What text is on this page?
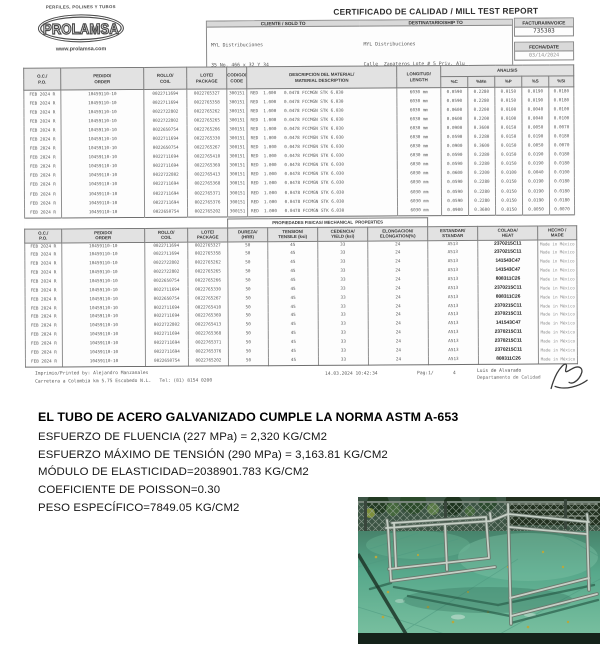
PERFILES, POLINES Y TUBOS
PROLAMSA
www.prolamsa.com
CERTIFICADO DE CALIDAD / MILL TEST REPORT
CLIENTE / SOLD TO

MYL Distribuciones

DESTINATARIO/SHIP TO

MYL Distribuciones

FACTURA/INVOICE
735303
FECHA/DATE
03/14/2024
O.C./
P.O.	PEDIDO/
ORDER	ROLLO/
COIL	LOTE/
PACKAGE	CODIGO/
CODE	DESCRIPCION DEL MATERIAL/
MATERIAL DESCRIPTION	LONGITUD/
LENGTH	ANALISIS				
							%C	%Mn	%P	%S	%Si
FEB 2024 R	10459110-10	0022711694	0022765327	300151	RED  1.000   0.0478 FCCMGN STK 6.030	6030 mm	0.0590	0.2280	0.0150	0.0190	0.0180
FEB 2024 R	10459110-10	0022711694	0022765358	300151	RED  1.000   0.0478 FCCMGN STK 6.030	6030 mm	0.0590	0.2280	0.0150	0.0190	0.0180
FEB 2024 R	10459110-10	0022722802	0022765262	300151	RED  1.000   0.0478 FCCMGN STK 6.030	6030 mm	0.0600	0.2200	0.0100	0.0040	0.0100
FEB 2024 R	10459110-10	0022722802	0022765265	300151	RED  1.000   0.0478 FCCMGN STK 6.030	6030 mm	0.0600	0.2200	0.0100	0.0040	0.0100
FEB 2024 R	10459110-10	0022650754	0022765266	300151	RED  1.000   0.0478 FCCMGN STK 6.030	6030 mm	0.0900	0.3600	0.0150	0.0050	0.0070
FEB 2024 R	10459110-10	0022711694	0022765330	300151	RED  1.000   0.0478 FCCMGN STK 6.030	6030 mm	0.0590	0.2280	0.0150	0.0190	0.0180
FEB 2024 R	10459110-10	0022650754	0022765267	300151	RED  1.000   0.0478 FCCMGN STK 6.030	6030 mm	0.0900	0.3600	0.0150	0.0050	0.0070
FEB 2024 R	10459110-10	0022711694	0022765410	300151	RED  1.000   0.0478 FCCMGN STK 6.030	6030 mm	0.0590	0.2280	0.0150	0.0190	0.0180
FEB 2024 R	10459110-10	0022711694	0022765369	300151	RED  1.000   0.0478 FCCMGN STK 6.030	6030 mm	0.0590	0.2280	0.0150	0.0190	0.0180
FEB 2024 R	10459110-10	0022722802	0022765413	300151	RED  1.000   0.0478 FCCMGN STK 6.030	6030 mm	0.0600	0.2200	0.0100	0.0040	0.0100
FEB 2024 R	10459110-10	0022711694	0022765368	300151	RED  1.000   0.0478 FCCMGN STK 6.030	6030 mm	0.0590	0.2280	0.0150	0.0190	0.0180
FEB 2024 R	10459110-10	0022711694	0022765371	300151	RED  1.000   0.0478 FCCMGN STK 6.030	6030 mm	0.0590	0.2280	0.0150	0.0190	0.0180
FEB 2024 R	10459110-10	0022711694	0022765376	300151	RED  1.000   0.0478 FCCMGN STK 6.030	6030 mm	0.0590	0.2280	0.0150	0.0190	0.0180
FEB 2024 R	10459110-10	0022650754	0022765202	300151	RED  1.000   0.0478 FCCMGN STK 6.030	6030 mm	0.0900	0.3600	0.0150	0.0050	0.0070
				PROPIEDADES FISICAS/ MECHANICAL  PROPERTIES						
O.C./
P.O.	PEDIDO/
ORDER	ROLLO/
COIL	LOTE/
PACKAGE	DUREZA/
(HRB)	TENSION/
TENSILE (ksi)	CEDENCIA/
YIELD (ksi)	ELONGACION/
ELONGATION(%)	ESTANDAR/
STANDAR	COLADA/
HEAT	HECHO /
MADE
FEB 2024 R	10459110-10	0022711694	0022765327	50	45	33	24	A513	2370215C11	Made in México
FEB 2024 R	10459110-10	0022711694	0022765358	50	45	33	24	A513	2370215C11	Made in México
FEB 2024 R	10459110-10	0022722802	0022765262	50	45	33	24	A513	141543C47	Made in México
FEB 2024 R	10459110-10	0022722802	0022765265	50	45	33	24	A513	141543C47	Made in México
FEB 2024 R	10459110-10	0022650754	0022765266	50	45	33	24	A513	808311C26	Made in México
FEB 2024 R	10459110-10	0022711694	0022765330	50	45	33	24	A513	2370215C11	Made in México
FEB 2024 R	10459110-10	0022650754	0022765267	50	45	33	24	A513	808311C26	Made in México
FEB 2024 R	10459110-10	0022711694	0022765410	50	45	33	24	A513	2370215C11	Made in México
FEB 2024 R	10459110-10	0022711694	0022765369	50	45	33	24	A513	2370215C11	Made in México
FEB 2024 R	10459110-10	0022722802	0022765413	50	45	33	24	A513	141543C47	Made in México
FEB 2024 R	10459110-10	0022711694	0022765368	50	45	33	24	A513	2370215C11	Made in México
FEB 2024 R	10459110-10	0022711694	0022765371	50	45	33	24	A513	2370215C11	Made in México
FEB 2024 R	10459110-10	0022711694	0022765376	50	45	33	24	A513	2370215C11	Made in México
FEB 2024 R	10459110-10	0022650754	0022765202	50	45	33	24	A513	808311C26	Made in México
Imprimio/Printed by: Alejandro Manzanales
Carretera a Colombia km 5.75 Escobedo N.L.   Tel: (81) 8154 0200
14.03.2024 10:42:34	Pag:1/	4	Luis de Alvarado
Departamento de Calidad
EL TUBO DE ACERO GALVANIZADO CUMPLE LA NORMA ASTM A-653
ESFUERZO DE FLUENCIA (227 MPa) = 2,320 KG/CM2
ESFUERZO MÁXIMO DE TENSIÓN (290 MPa) = 3,163.81 KG/CM2
MÓDULO DE ELASTICIDAD=2038901.783 KG/CM2
COEFICIENTE DE POISSON=0.30
PESO ESPECÍFICO=7849.05 KG/CM2
